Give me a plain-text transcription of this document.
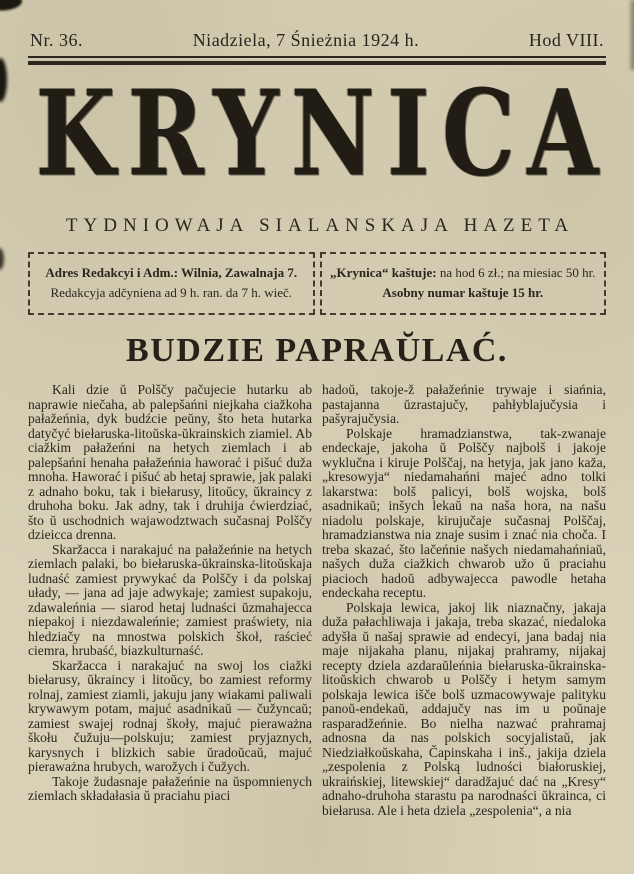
Nr. 36.	Niadziela, 7 Śnieżnia 1924 h.	Hod VIII.
KRYNICA
TYDNIOWAJA SIALANSKAJA HAZETA
Adres Redakcyi i Adm.: Wilnia, Zawalnaja 7.
Redakcyja adčyniena ad 9 h. ran. da 7 h. wieč.
„Krynica“ kaštuje: na hod 6 zł.; na miesiac 50 hr.
Asobny numar kaštuje 15 hr.
BUDZIE PAPRAŬLAĆ.

Kali dzie ŭ Polščy pačujecie hutarku ab naprawie niečaha, ab palepšańni niejkaha ciažkoha pałažeńnia, dyk budźcie peŭny, što heta hutarka datyčyć biełaruska-litoŭska-ŭkrainskich ziamiel. Ab ciažkim pałažeńni na hetych ziemlach i ab palepšańni henaha pałažeńnia haworać i pišuć duža mnoha. Haworać i pišuć ab hetaj sprawie, jak palaki z adnaho boku, tak i biełarusy, litoŭcy, ŭkraincy z druhoha boku. Jak adny, tak i druhija ćwierdziać, što ŭ uschodnich wajawodztwach sučasnaj Polščy dzieicca drenna.

Skaržacca i narakajuć na pałažeńnie na hetych ziemlach palaki, bo biełaruska-ŭkrainska-litoŭskaja ludnaść zamiest prywykać da Polščy i da polskaj ułady, — jana ad jaje adwykaje; zamiest supakoju, zdawaleńnia — siarod hetaj ludnaści ŭzmahajecca niepakoj i niezdawaleńnie; zamiest praświety, nia hledziačy na mnostwa polskich škoł, raścieć ciemra, hrubaść, biazkulturnaść.

Skaržacca i narakajuć na swoj los ciažki biełarusy, ŭkraincy i litoŭcy, bo zamiest reformy rolnaj, zamiest ziamli, jakuju jany wiakami paliwali krywawym potam, majuć asadnikaŭ — čužyncaŭ; zamiest swajej rodnaj škoły, majuć pieraważna škołu čužuju—polskuju; zamiest pryjaznych, karysnych i blizkich sabie ŭradoŭcaŭ, majuć pieraważna hrubych, warožych i čužych.

Takoje žudasnaje pałažeńnie na ŭspomnienych ziemlach składałasia ŭ praciahu piaci

hadoŭ, takoje-ž pałažeńnie trywaje i siańnia, pastajanna ŭzrastajučy, pahłyblajučysia i pašyrajučysia.

Polskaje hramadzianstwa, tak-zwanaje endeckaje, jakoha ŭ Polščy najbolš i jakoje wyklučna i kiruje Polščaj, na hetyja, jak jano kaža, „kresowyja“ niedamahańni majeć adno tolki lakarstwa: bolš palicyi, bolš wojska, bolš asadnikaŭ; inšych lekaŭ na naša hora, na našu niadolu polskaje, kirujučaje sučasnaj Polščaj, hramadzianstwa nia znaje susim i znać nia choča. I treba skazać, što lačeńnie našych niedamahańniaŭ, našych duža ciažkich chwarob užo ŭ praciahu piacioch hadoŭ adbywajecca pawodle hetaha endeckaha receptu.

Polskaja lewica, jakoj lik niaznačny, jakaja duža pałachliwaja i jakaja, treba skazać, niedaloka adyšła ŭ našaj sprawie ad endecyi, jana badaj nia maje nijakaha planu, nijakaj prahramy, nijakaj recepty dziela azdaraŭleńnia biełaruska-ŭkrainska-litoŭskich chwarob u Polščy i hetym samym polskaja lewica išče bolš uzmacowywaje palityku panoŭ-endekaŭ, addajučy nas im u poŭnaje rasparadžeńnie. Bo nielha nazwać prahramaj adnosna da nas polskich socyjalistaŭ, jak Niedziałkoŭskaha, Čapinskaha i inš., jakija dziela „zespolenia z Polską ludności białoruskiej, ukraińskiej, litewskiej“ daradžajuć dać na „Kresy“ adnaho-druhoha starastu pa narodnaści ŭkrainca, ci biełarusa. Ale i heta dziela „zespolenia“, a nia
